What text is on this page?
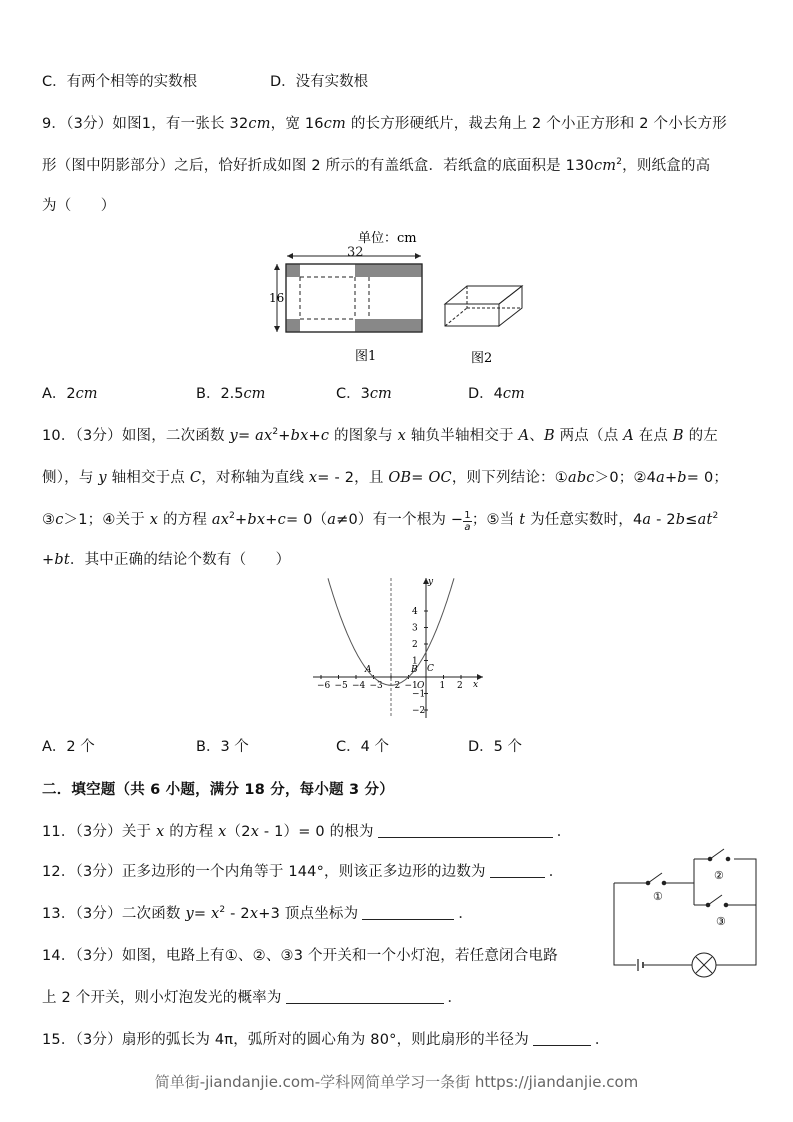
C．有两个相等的实数根	D．没有实数根
9．（3分）如图1，有一张长 32cm，宽 16cm 的长方形硬纸片，裁去角上 2 个小正方形和 2 个小长方形
形（图中阴影部分）之后，恰好折成如图 2 所示的有盖纸盒．若纸盒的底面积是 $130cm^2$，则纸盒的高
为（　　）
单位：cm
32
16
图1	图2
A．2cm	B．2.5cm	C．3cm	D．4cm
10．（3分）如图，二次函数 $y= ax^2+bx+c$ 的图象与 x 轴负半轴相交于 A、B 两点（点 A 在点 B 的左
侧），与 y 轴相交于点 C，对称轴为直线 x= - 2，且 OB= OC，则下列结论：①abc＞0；②4a+b= 0；
③c＞1；④关于 x 的方程 $ax^2+bx+c= 0(a\ne 0)$有一个根为 − $\frac{1}{a}$ ；⑤当 t 为任意实数时，$4a - 2b\le at^2$
+bt．其中正确的结论个数有（　　）
x
y
−6 −5 −4 −3 −2 −1 O 1 2
4
3
2
1
−1
−2
A	B C
A．2 个	B．3 个	C．4 个	D．5 个
二．填空题（共 6 小题，满分 18 分，每小题 3 分）
11．（3分）关于 x 的方程 x（2x - 1）= 0 的根为	．
12．（3分）正多边形的一个内角等于 144°，则该正多边形的边数为	．
13．（3分）二次函数 $y= x^2 - 2x+3$ 顶点坐标为	．
14．（3分）如图，电路上有①、②、③3 个开关和一个小灯泡，若任意闭合电路
上 2 个开关，则小灯泡发光的概率为	．
①
②
③
15．（3分）扇形的弧长为 4π，弧所对的圆心角为 80°，则此扇形的半径为	．
简单街-jiandanjie.com-学科网简单学习一条街 https://jiandanjie.com
